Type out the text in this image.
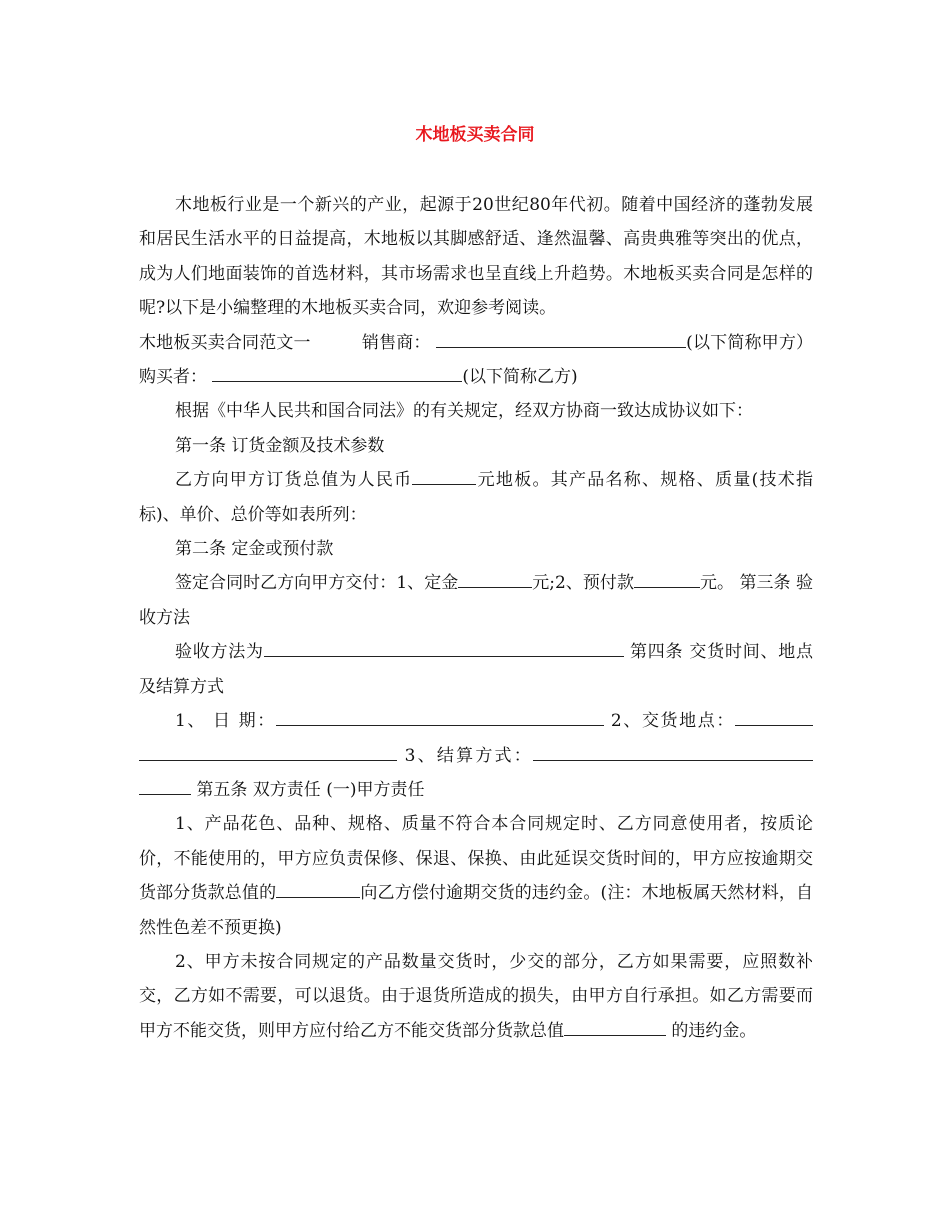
木地板买卖合同

木地板行业是一个新兴的产业，起源于20世纪80年代初。随着中国经济的蓬勃发展和居民生活水平的日益提高，木地板以其脚感舒适、逢然温馨、高贵典雅等突出的优点，成为人们地面装饰的首选材料，其市场需求也呈直线上升趋势。木地板买卖合同是怎样的呢?以下是小编整理的木地板买卖合同，欢迎参考阅读。

木地板买卖合同范文一	销售商：	(以下简称甲方）购买者：	(以下简称乙方)

根据《中华人民共和国合同法》的有关规定，经双方协商一致达成协议如下：

第一条 订货金额及技术参数

乙方向甲方订货总值为人民币	元地板。其产品名称、规格、质量(技术指标)、单价、总价等如表所列：

第二条 定金或预付款

签定合同时乙方向甲方交付：1、定金	元;2、预付款	元。 第三条 验收方法

验收方法为	第四条 交货时间、地点及结算方式

1、 日 期：	2、交货地点：  3、结算方式：  第五条 双方责任 (一)甲方责任

1、产品花色、品种、规格、质量不符合本合同规定时、乙方同意使用者，按质论价，不能使用的，甲方应负责保修、保退、保换、由此延误交货时间的，甲方应按逾期交货部分货款总值的	向乙方偿付逾期交货的违约金。(注：木地板属天然材料，自然性色差不预更换)

2、甲方未按合同规定的产品数量交货时，少交的部分，乙方如果需要，应照数补交，乙方如不需要，可以退货。由于退货所造成的损失，由甲方自行承担。如乙方需要而甲方不能交货，则甲方应付给乙方不能交货部分货款总值	的违约金。
